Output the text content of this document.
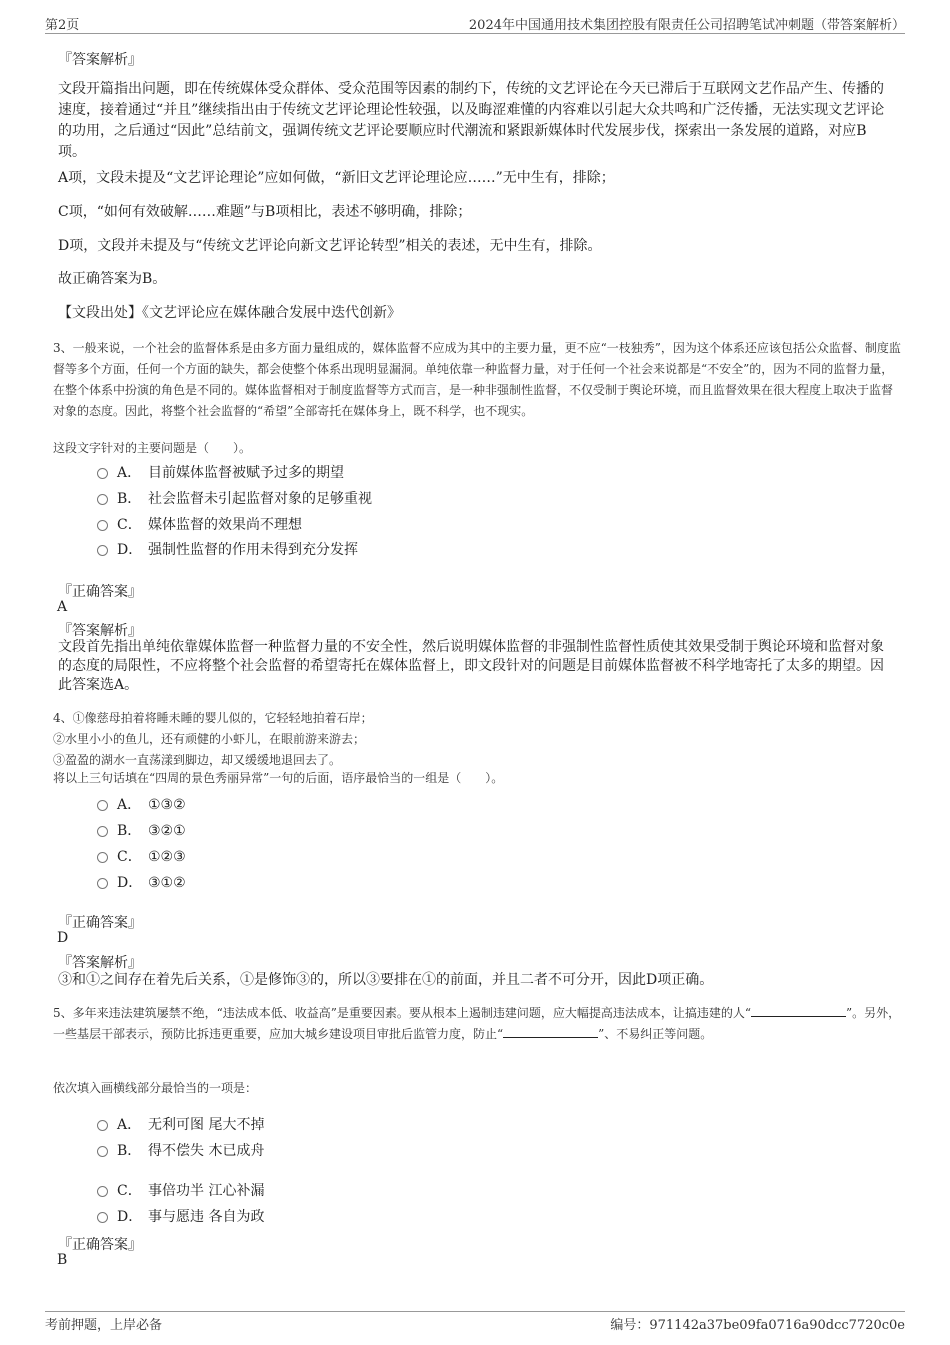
第2页	2024年中国通用技术集团控股有限责任公司招聘笔试冲刺题（带答案解析）
『答案解析』
文段开篇指出问题，即在传统媒体受众群体、受众范围等因素的制约下，传统的文艺评论在今天已滞后于互联网文艺作品产生、传播的速度，接着通过“并且”继续指出由于传统文艺评论理论性较强，以及晦涩难懂的内容难以引起大众共鸣和广泛传播，无法实现文艺评论的功用，之后通过“因此”总结前文，强调传统文艺评论要顺应时代潮流和紧跟新媒体时代发展步伐，探索出一条发展的道路，对应B项。
A项，文段未提及“文艺评论理论”应如何做，“新旧文艺评论理论应……”无中生有，排除；
C项，“如何有效破解……难题”与B项相比，表述不够明确，排除；
D项，文段并未提及与“传统文艺评论向新文艺评论转型”相关的表述，无中生有，排除。
故正确答案为B。
【文段出处】《文艺评论应在媒体融合发展中迭代创新》
3、一般来说，一个社会的监督体系是由多方面力量组成的，媒体监督不应成为其中的主要力量，更不应“一枝独秀”，因为这个体系还应该包括公众监督、制度监督等多个方面，任何一个方面的缺失，都会使整个体系出现明显漏洞。单纯依靠一种监督力量，对于任何一个社会来说都是“不安全”的，因为不同的监督力量，在整个体系中扮演的角色是不同的。媒体监督相对于制度监督等方式而言，是一种非强制性监督，不仅受制于舆论环境，而且监督效果在很大程度上取决于监督对象的态度。因此，将整个社会监督的“希望”全部寄托在媒体身上，既不科学，也不现实。
这段文字针对的主要问题是（　　）。
A． 目前媒体监督被赋予过多的期望
B． 社会监督未引起监督对象的足够重视
C． 媒体监督的效果尚不理想
D． 强制性监督的作用未得到充分发挥
『正确答案』
A
『答案解析』
文段首先指出单纯依靠媒体监督一种监督力量的不安全性，然后说明媒体监督的非强制性监督性质使其效果受制于舆论环境和监督对象的态度的局限性，不应将整个社会监督的希望寄托在媒体监督上，即文段针对的问题是目前媒体监督被不科学地寄托了太多的期望。因此答案选A。
4、①像慈母拍着将睡未睡的婴儿似的，它轻轻地拍着石岸；
②水里小小的鱼儿，还有顽健的小虾儿，在眼前游来游去；
③盈盈的湖水一直荡漾到脚边，却又缓缓地退回去了。
将以上三句话填在“四周的景色秀丽异常”一句的后面，语序最恰当的一组是（　　）。
A． ①③②
B． ③②①
C． ①②③
D． ③①②
『正确答案』
D
『答案解析』
③和①之间存在着先后关系，①是修饰③的，所以③要排在①的前面，并且二者不可分开，因此D项正确。
5、多年来违法建筑屡禁不绝，“违法成本低、收益高”是重要因素。要从根本上遏制违建问题，应大幅提高违法成本，让搞违建的人“	”。另外，一些基层干部表示，预防比拆违更重要，应加大城乡建设项目审批后监管力度，防止“	”、不易纠正等问题。
依次填入画横线部分最恰当的一项是：
A． 无利可图 尾大不掉
B． 得不偿失 木已成舟
C． 事倍功半 江心补漏
D． 事与愿违 各自为政
『正确答案』
B
考前押题，上岸必备	编号：971142a37be09fa0716a90dcc7720c0e
